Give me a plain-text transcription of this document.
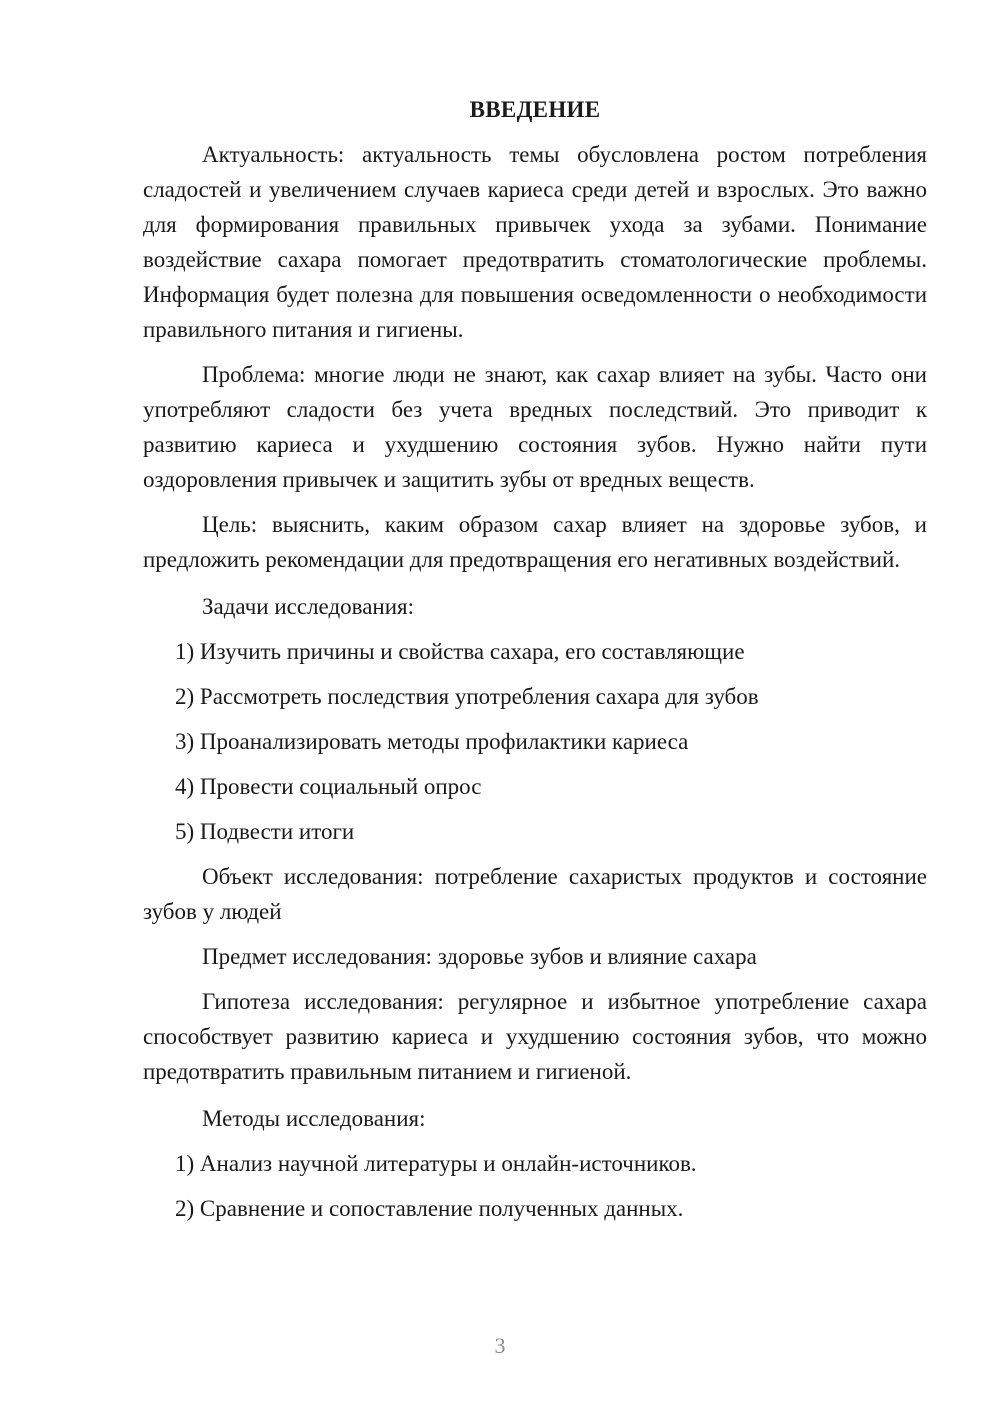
ВВЕДЕНИЕ

Актуальность: актуальность темы обусловлена ростом потребления сладостей и увеличением случаев кариеса среди детей и взрослых. Это важно для формирования правильных привычек ухода за зубами. Понимание воздействие сахара помогает предотвратить стоматологические проблемы. Информация будет полезна для повышения осведомленности о необходимости правильного питания и гигиены.

Проблема: многие люди не знают, как сахар влияет на зубы. Часто они употребляют сладости без учета вредных последствий. Это приводит к развитию кариеса и ухудшению состояния зубов. Нужно найти пути оздоровления привычек и защитить зубы от вредных веществ.

Цель: выяснить, каким образом сахар влияет на здоровье зубов, и предложить рекомендации для предотвращения его негативных воздействий.

Задачи исследования:

1) Изучить причины и свойства сахара, его составляющие
2) Рассмотреть последствия употребления сахара для зубов
3) Проанализировать методы профилактики кариеса
4) Провести социальный опрос
5) Подвести итоги

Объект исследования: потребление сахаристых продуктов и состояние зубов у людей

Предмет исследования: здоровье зубов и влияние сахара

Гипотеза исследования: регулярное и избытное употребление сахара способствует развитию кариеса и ухудшению состояния зубов, что можно предотвратить правильным питанием и гигиеной.

Методы исследования:

1) Анализ научной литературы и онлайн-источников.
2) Сравнение и сопоставление полученных данных.
3
